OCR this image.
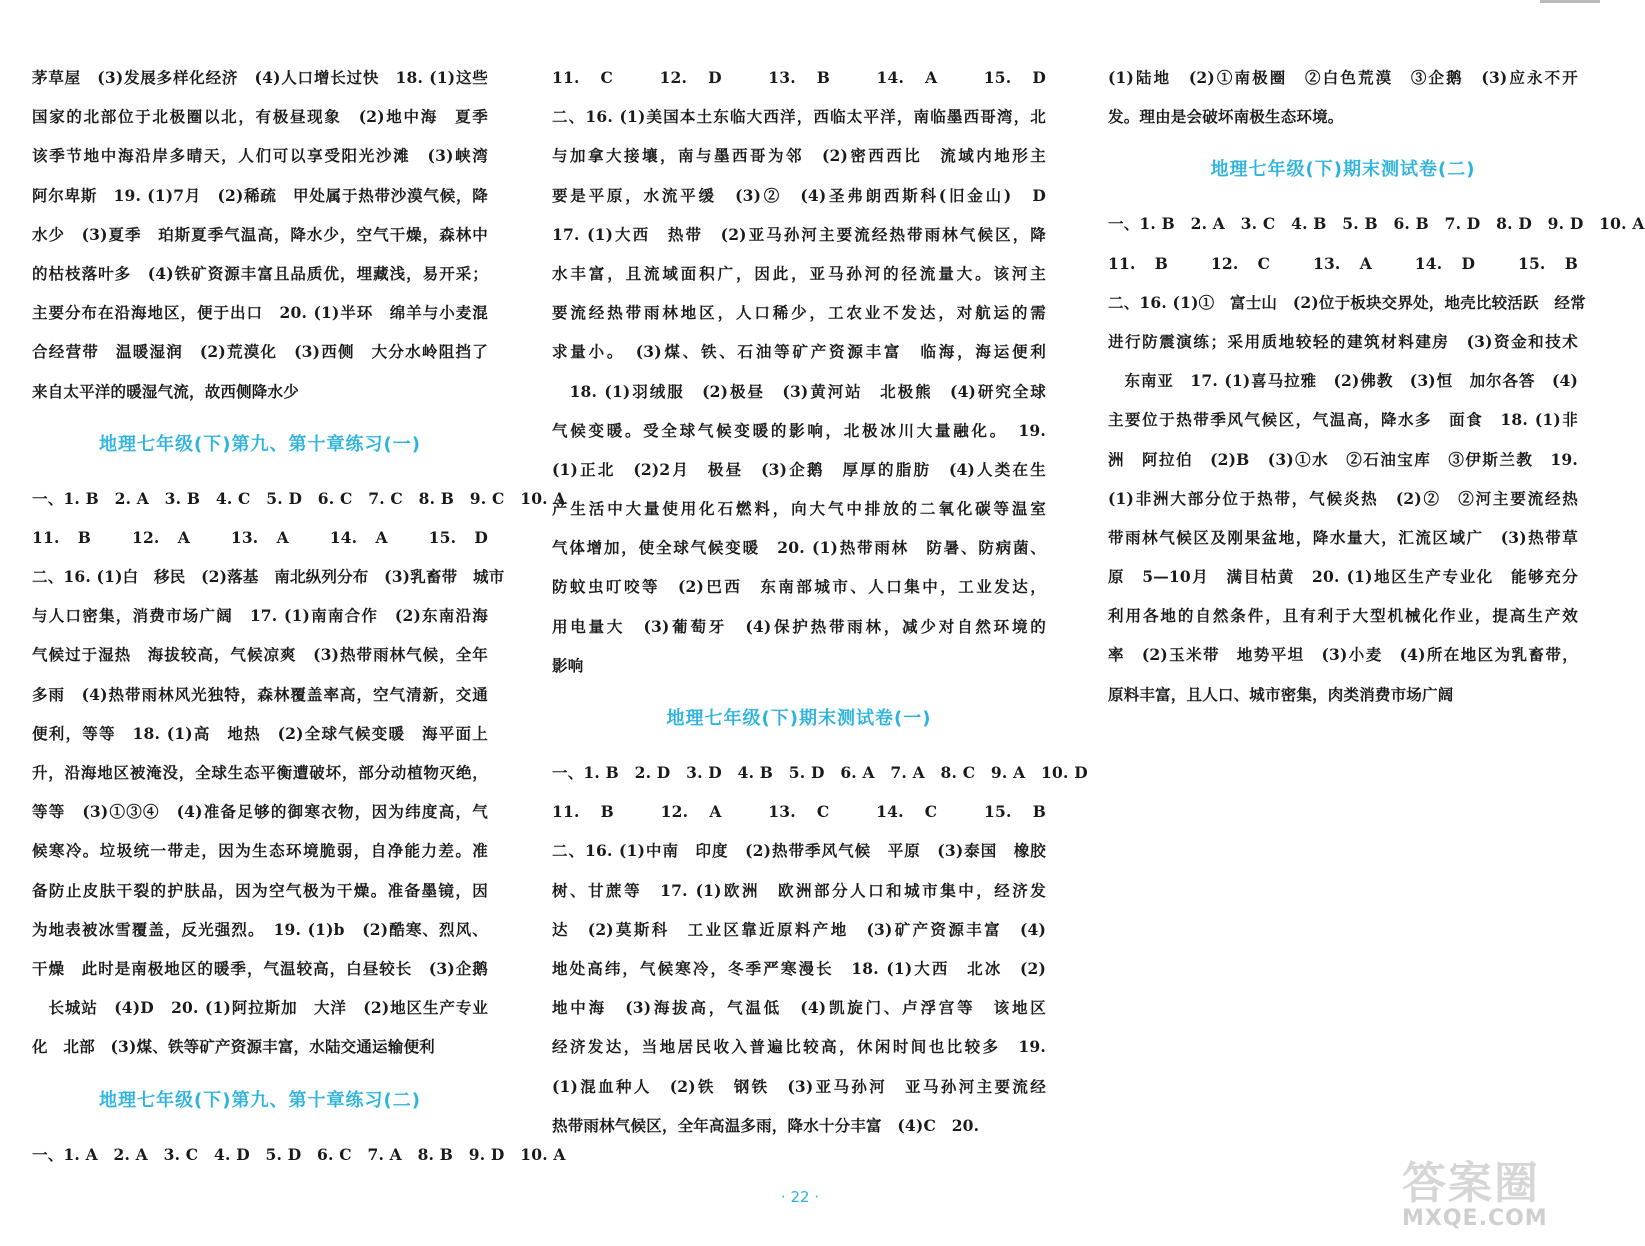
茅草屋　(3)发展多样化经济　(4)人口增长过快　18. (1)这些
国家的北部位于北极圈以北，有极昼现象　(2)地中海　夏季
该季节地中海沿岸多晴天，人们可以享受阳光沙滩　(3)峡湾
阿尔卑斯　19. (1)7月　(2)稀疏　甲处属于热带沙漠气候，降
水少　(3)夏季　珀斯夏季气温高，降水少，空气干燥，森林中
的枯枝落叶多　(4)铁矿资源丰富且品质优，埋藏浅，易开采；
主要分布在沿海地区，便于出口　20. (1)半环　绵羊与小麦混
合经营带　温暖湿润　(2)荒漠化　(3)西侧　大分水岭阻挡了
来自太平洋的暖湿气流，故西侧降水少
地理七年级(下)第九、第十章练习(一)
一、1. B　2. A　3. B　4. C　5. D　6. C　7. C　8. B　9. C　10. A
11. B　12. A　13. A　14. A　15. D
二、16. (1)白　移民　(2)落基　南北纵列分布　(3)乳畜带　城市
与人口密集，消费市场广阔　17. (1)南南合作　(2)东南沿海
气候过于湿热　海拔较高，气候凉爽　(3)热带雨林气候，全年
多雨　(4)热带雨林风光独特，森林覆盖率高，空气清新，交通
便利，等等　18. (1)高　地热　(2)全球气候变暖　海平面上
升，沿海地区被淹没，全球生态平衡遭破坏，部分动植物灭绝，
等等　(3)①③④　(4)准备足够的御寒衣物，因为纬度高，气
候寒冷。垃圾统一带走，因为生态环境脆弱，自净能力差。准
备防止皮肤干裂的护肤品，因为空气极为干燥。准备墨镜，因
为地表被冰雪覆盖，反光强烈。　19. (1)b　(2)酷寒、烈风、
干燥　此时是南极地区的暖季，气温较高，白昼较长　(3)企鹅
　长城站　(4)D　20. (1)阿拉斯加　大洋　(2)地区生产专业
化　北部　(3)煤、铁等矿产资源丰富，水陆交通运输便利
地理七年级(下)第九、第十章练习(二)
一、1. A　2. A　3. C　4. D　5. D　6. C　7. A　8. B　9. D　10. A
11. C　12. D　13. B　14. A　15. D
二、16. (1)美国本土东临大西洋，西临太平洋，南临墨西哥湾，北
与加拿大接壤，南与墨西哥为邻　(2)密西西比　流域内地形主
要是平原，水流平缓　(3)②　(4)圣弗朗西斯科(旧金山)　D
17. (1)大西　热带　(2)亚马孙河主要流经热带雨林气候区，降
水丰富，且流域面积广，因此，亚马孙河的径流量大。该河主
要流经热带雨林地区，人口稀少，工农业不发达，对航运的需
求量小。　(3)煤、铁、石油等矿产资源丰富　临海，海运便利
　18. (1)羽绒服　(2)极昼　(3)黄河站　北极熊　(4)研究全球
气候变暖。受全球气候变暖的影响，北极冰川大量融化。　19.
(1)正北　(2)2月　极昼　(3)企鹅　厚厚的脂肪　(4)人类在生
产生活中大量使用化石燃料，向大气中排放的二氧化碳等温室
气体增加，使全球气候变暖　20. (1)热带雨林　防暑、防病菌、
防蚊虫叮咬等　(2)巴西　东南部城市、人口集中，工业发达，
用电量大　(3)葡萄牙　(4)保护热带雨林，减少对自然环境的
影响
地理七年级(下)期末测试卷(一)
一、1. B　2. D　3. D　4. B　5. D　6. A　7. A　8. C　9. A　10. D
11. B　12. A　13. C　14. C　15. B
二、16. (1)中南　印度　(2)热带季风气候　平原　(3)泰国　橡胶
树、甘蔗等　17. (1)欧洲　欧洲部分人口和城市集中，经济发
达　(2)莫斯科　工业区靠近原料产地　(3)矿产资源丰富　(4)
地处高纬，气候寒冷，冬季严寒漫长　18. (1)大西　北冰　(2)
地中海　(3)海拔高，气温低　(4)凯旋门、卢浮宫等　该地区
经济发达，当地居民收入普遍比较高，休闲时间也比较多　19.
(1)混血种人　(2)铁　钢铁　(3)亚马孙河　亚马孙河主要流经
热带雨林气候区，全年高温多雨，降水十分丰富　(4)C　20.
(1)陆地　(2)①南极圈　②白色荒漠　③企鹅　(3)应永不开
发。理由是会破坏南极生态环境。
地理七年级(下)期末测试卷(二)
一、1. B　2. A　3. C　4. B　5. B　6. B　7. D　8. D　9. D　10. A
11. B　12. C　13. A　14. D　15. B
二、16. (1)①　富士山　(2)位于板块交界处，地壳比较活跃　经常
进行防震演练；采用质地较轻的建筑材料建房　(3)资金和技术
　东南亚　17. (1)喜马拉雅　(2)佛教　(3)恒　加尔各答　(4)
主要位于热带季风气候区，气温高，降水多　面食　18. (1)非
洲　阿拉伯　(2)B　(3)①水　②石油宝库　③伊斯兰教　19.
(1)非洲大部分位于热带，气候炎热　(2)②　②河主要流经热
带雨林气候区及刚果盆地，降水量大，汇流区域广　(3)热带草
原　5—10月　满目枯黄　20. (1)地区生产专业化　能够充分
利用各地的自然条件，且有利于大型机械化作业，提高生产效
率　(2)玉米带　地势平坦　(3)小麦　(4)所在地区为乳畜带，
原料丰富，且人口、城市密集，肉类消费市场广阔
· 22 ·	答案圈
MXQE.COM
